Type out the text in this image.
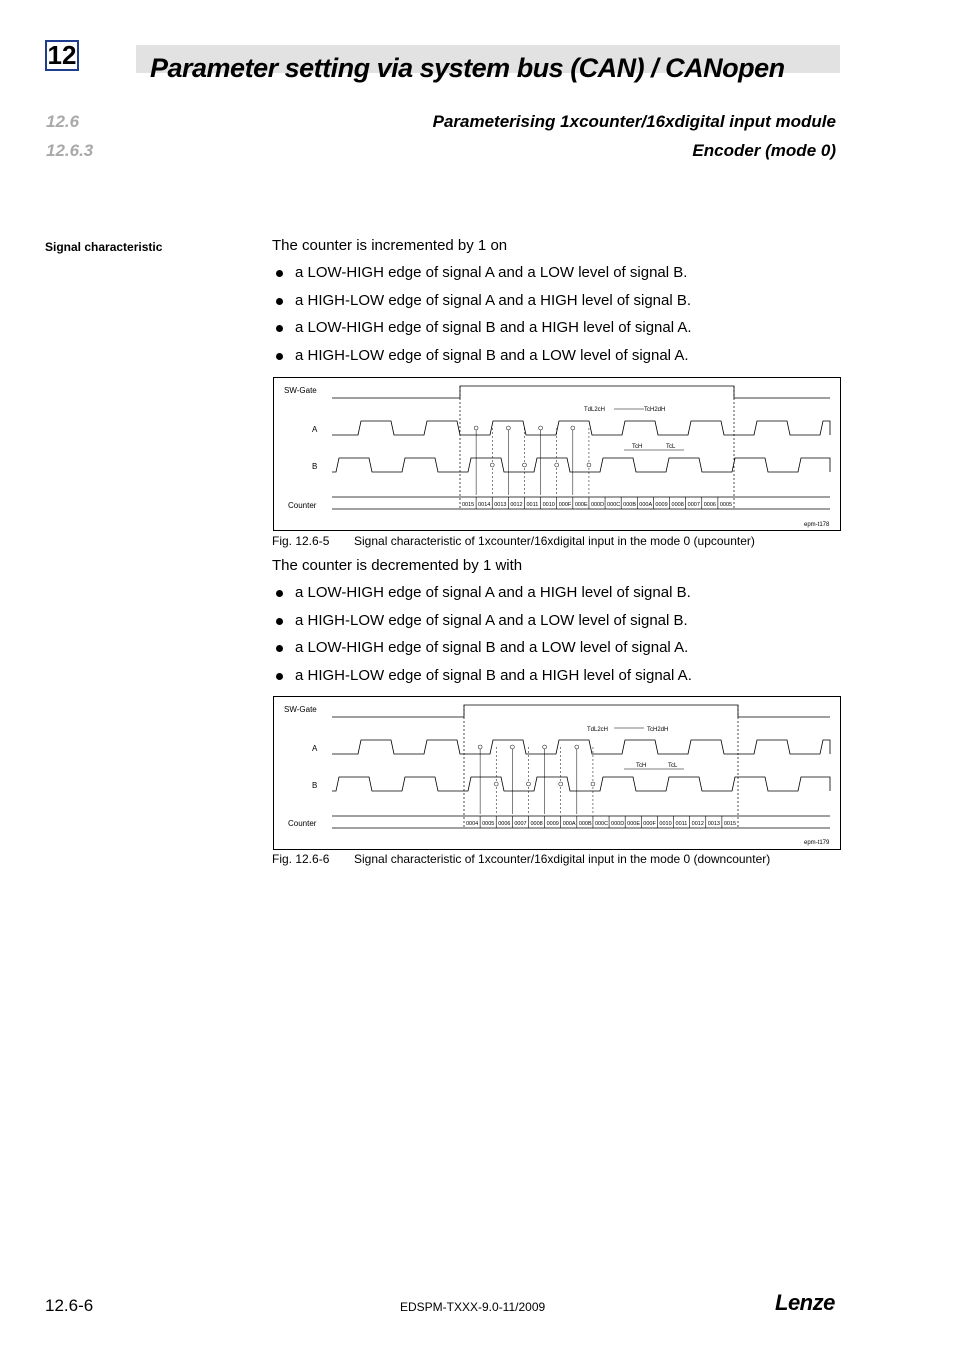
12	Parameter setting via system bus (CAN) / CANopen
12.6	Parameterising 1xcounter/16xdigital input module
12.6.3	Encoder (mode 0)
Signal characteristic	The counter is incremented by 1 on
a LOW-HIGH edge of signal A and a LOW level of signal B.
a HIGH-LOW edge of signal A and a HIGH level of signal B.
a LOW-HIGH edge of signal B and a HIGH level of signal A.
a HIGH-LOW edge of signal B and a LOW level of signal A.
SW-Gate
A
B
Counter
TdL2cH	TcH2dH
TcH	TcL
epm-t178
0015 0014 0013 0012 0011 0010 000F 000E 000D 000C 000B 000A 0009 0008 0007 0006 0005
Fig. 12.6-5 Signal characteristic of 1xcounter/16xdigital input in the mode 0 (upcounter)
The counter is decremented by 1 with
a LOW-HIGH edge of signal A and a HIGH level of signal B.
a HIGH-LOW edge of signal A and a LOW level of signal B.
a LOW-HIGH edge of signal B and a LOW level of signal A.
a HIGH-LOW edge of signal B and a HIGH level of signal A.
SW-Gate
A
B
Counter
TdL2cH	TcH2dH
TcH	TcL
epm-t179
0004 0005 0006 0007 0008 0009 000A 000B 000C 000D 000E 000F 0010 0011 0012 0013 0015
Fig. 12.6-6 Signal characteristic of 1xcounter/16xdigital input in the mode 0 (downcounter)
12.6-6	EDSPM-TXXX-9.0-11/2009	Lenze
